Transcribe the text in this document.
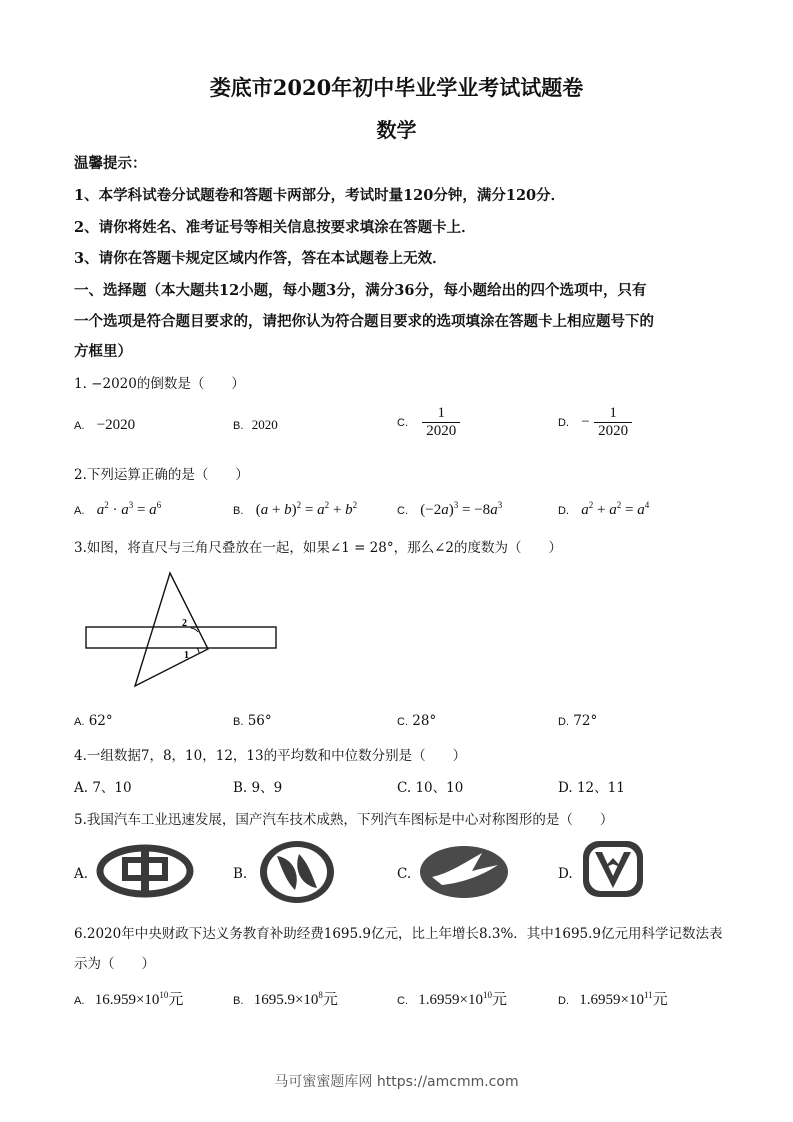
娄底市2020年初中毕业学业考试试题卷
数学
温馨提示：
1、本学科试卷分试题卷和答题卡两部分，考试时量120分钟，满分120分．
2、请你将姓名、准考证号等相关信息按要求填涂在答题卡上．
3、请你在答题卡规定区域内作答，答在本试题卷上无效．
一、选择题（本大题共12小题，每小题3分，满分36分，每小题给出的四个选项中，只有
一个选项是符合题目要求的，请把你认为符合题目要求的选项填涂在答题卡上相应题号下的
方框里）
1. −2020的倒数是（　　）
A. −2020	B. 2020	C. $\frac{1}{2020}$	D. − $\frac{1}{2020}$
2.下列运算正确的是（　　）
A. $a^2 \cdot a^3 = a^6$	B. $(a + b)^2 = a^2 + b^2$	C. $(-2a)^3 = -8a^3$	D. $a^2 + a^2 = a^4$
3.如图，将直尺与三角尺叠放在一起，如果∠1 = 28°，那么∠2的度数为（　　）
2
1
A. 62°	B. 56°	C. 28°	D. 72°
4.一组数据7，8，10，12，13的平均数和中位数分别是（　　）
A. 7、10	B. 9、9	C. 10、10	D. 12、11
5.我国汽车工业迅速发展，国产汽车技术成熟，下列汽车图标是中心对称图形的是（　　）
A.	B.	C.	D.
6.2020年中央财政下达义务教育补助经费1695.9亿元，比上年增长8.3%．其中1695.9亿元用科学记数法表
示为（　　）
A. $16.959\times 10^{10}$元	B. $1695.9\times 10^8$元	C. $1.6959\times 10^{10}$元	D. $1.6959\times 10^{11}$元
马可蜜蜜题库网 https://amcmm.com
